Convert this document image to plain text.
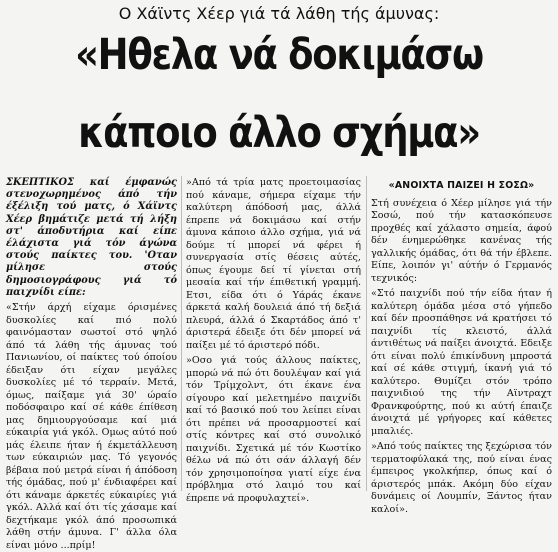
Ο Χάϊντς Χέερ γιά τά λάθη τής άμυνας:
«Ηθελα νά δοκιμάσω
κάποιο άλλο σχήμα»

ΣΚΕΠΤΙΚΟΣ καί έμφανώς στενοχωρημένος άπό τήν έξέλιξη τού ματς, ό Χάϊντς Χέερ βημάτιζε μετά τή λήξη στ' άποδυτήρια καί είπε έλάχιστα γιά τόν άγώνα στούς παίκτες του. 'Οταν μίλησε στούς δημοσιογράφους γιά τό παιχνίδι είπε:

«Στήν άρχή είχαμε όρισμένες δυσκολίες καί πιό πολύ φαινόμασταν σωστοί στό ψηλό άπό τά λάθη τής άμυνας τού Πανιωνίου, οί παίκτες τού όποίου έδειξαν ότι είχαν μεγάλες δυσκολίες μέ τό τερραίν. Μετά, όμως, παίξαμε γιά 30' ώραίο ποδόσφαιρο καί σέ κάθε έπίθεση μας δημιουργούσαμε καί μιά εύκαιρία γιά γκόλ. Ομως αύτό πού μάς έλειπε ήταν ή έκμετάλλευση των εύκαιριών μας. Τό γεγονός βέβαια πού μετρά είναι ή άπόδοση τής όμάδας, πού μ' ένδιαφέρει καί ότι κάναμε άρκετές εύκαιρίες γιά γκόλ. Αλλά καί ότι τίς χάσαμε καί δεχτήκαμε γκόλ άπό προσωπικά λάθη στήν άμυνα. Γ' άλλα όλα είναι μόνο ...πρίμ!

»Από τά τρία ματς προετοιμασίας πού κάναμε, σήμερα είχαμε τήν καλύτερη άπόδοσή μας, άλλά έπρεπε νά δοκιμάσω καί στήν άμυνα κάποιο άλλο σχήμα, γιά νά δούμε τί μπορεί νά φέρει ή συνεργασία στίς θέσεις αύτές, όπως έγουμε δεί τί γίνεται στή μεσαία καί τήν έπιθετική γραμμή. Ετσι, είδα ότι ό Υάράς έκανε άρκετά καλή δουλειά άπό τή δεξιά πλευρά, άλλά ό Σκαρτάδος άπό τ' άριστερά έδειξε ότι δέν μπορεί νά παίξει μέ τό άριστερό πόδι.

»Οσο γιά τούς άλλους παίκτες, μπορώ νά πώ ότι δουλέψαν καί γιά τόν Τρίμχολντ, ότι έκανε ένα σίγουρο καί μελετημένο παιχνίδι καί τό βασικό πού του λείπει είναι ότι πρέπει νά προσαρμοστεί καί στίς κόντρες καί στό συνολικό παιχνίδι. Σχετικά μέ τόν Κωστίκο θέλω νά πώ ότι σάν άλλαγή δέν τόν χρησιμοποίησα γιατί είχε ένα πρόβλημα στό λαιμό του καί έπρεπε νά προφυλαχτεί».

«ΑΝΟΙΧΤΑ ΠΑΙΖΕΙ Η ΣΟΣΩ»

Στή συνέχεια ό Χέερ μίλησε γιά τήν Σοσώ, πού τήν κατασκόπευσε προχθές καί χάλαστο σημεία, άφού δέν ένημερώθηκε κανένας τής γαλλικής όμάδας, ότι θά τήν έβλεπε. Είπε, λοιπόν γι' αύτήν ό Γερμανός τεχνικός:

«Στό παιχνίδι πού τήν είδα ήταν ή καλύτερη όμάδα μέσα στό γήπεδο καί δέν προσπάθησε νά κρατήσει τό παιχνίδι τίς κλειστό, άλλά άντιθέτως νά παίξει άνοιχτά. Εδειξε ότι είναι πολύ έπικίνδυνη μπροστά καί σέ κάθε στιγμή, ίκανή γιά τό καλύτερο. Θυμίζει στόν τρόπο παιχνιδιού της τήν Αϊντραχτ Φρανκφούρτης, πού κι αύτή έπαιζε άνοιχτά μέ γρήγορες καί κάθετες μπαλιές.

»Από τούς παίκτες της ξεχώρισα τόν τερματοφύλακά της, πού είναι ένας έμπειρος γκολκήπερ, όπως καί ό άριστερός μπάκ. Ακόμη δύο είχαν δυνάμεις οί Λουμπίν, Ξάντος ήταν καλοί».
